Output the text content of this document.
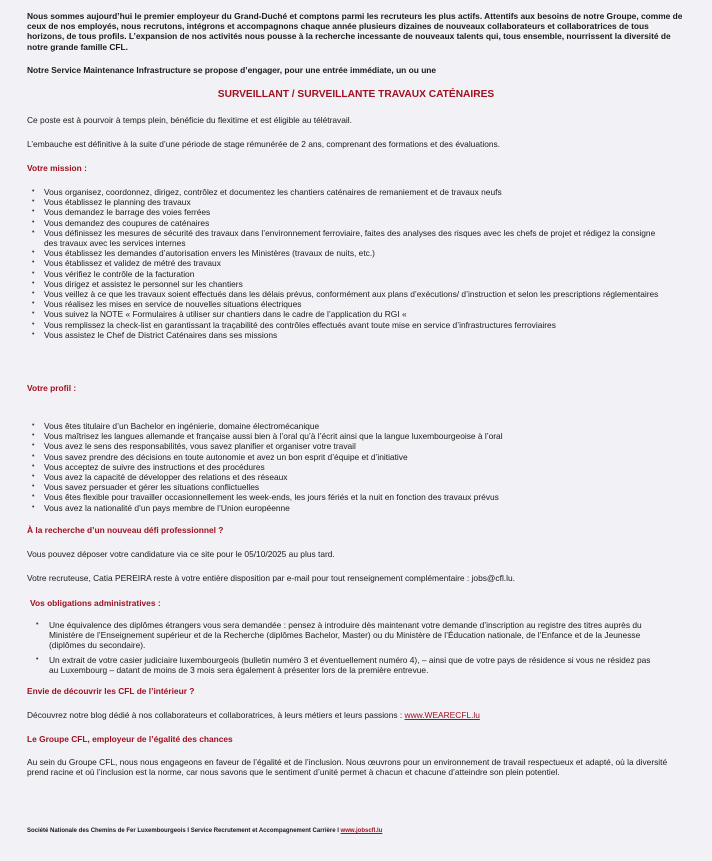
Nous sommes aujourd’hui le premier employeur du Grand-Duché et comptons parmi les recruteurs les plus actifs. Attentifs aux besoins de notre Groupe, comme de ceux de nos employés, nous recrutons, intégrons et accompagnons chaque année plusieurs dizaines de nouveaux collaborateurs et collaboratrices de tous horizons, de tous profils. L’expansion de nos activités nous pousse à la recherche incessante de nouveaux talents qui, tous ensemble, nourrissent la diversité de notre grande famille CFL.
Notre Service Maintenance Infrastructure se propose d’engager, pour une entrée immédiate, un ou une
SURVEILLANT / SURVEILLANTE TRAVAUX CATÉNAIRES
Ce poste est à pourvoir à temps plein, bénéficie du flexitime et est éligible au télétravail.
L’embauche est définitive à la suite d’une période de stage rémunérée de 2 ans, comprenant des formations et des évaluations.
Votre mission :
• Vous organisez, coordonnez, dirigez, contrôlez et documentez les chantiers caténaires de remaniement et de travaux neufs
• Vous établissez le planning des travaux
• Vous demandez le barrage des voies ferrées
• Vous demandez des coupures de caténaires
• Vous définissez les mesures de sécurité des travaux dans l’environnement ferroviaire, faites des analyses des risques avec les chefs de projet et rédigez la consigne des travaux avec les services internes
• Vous établissez les demandes d’autorisation envers les Ministères (travaux de nuits, etc.)
• Vous établissez et validez de métré des travaux
• Vous vérifiez le contrôle de la facturation
• Vous dirigez et assistez le personnel sur les chantiers
• Vous veillez à ce que les travaux soient effectués dans les délais prévus, conformément aux plans d’exécutions/ d’instruction et selon les prescriptions réglementaires
• Vous réalisez les mises en service de nouvelles situations électriques
• Vous suivez la NOTE « Formulaires à utiliser sur chantiers dans le cadre de l’application du RGI «
• Vous remplissez la check-list en garantissant la traçabilité des contrôles effectués avant toute mise en service d’infrastructures ferroviaires
• Vous assistez le Chef de District Caténaires dans ses missions
Votre profil :
• Vous êtes titulaire d’un Bachelor en ingénierie, domaine électromécanique
• Vous maîtrisez les langues allemande et française aussi bien à l’oral qu’à l’écrit ainsi que la langue luxembourgeoise à l’oral
• Vous avez le sens des responsabilités, vous savez planifier et organiser votre travail
• Vous savez prendre des décisions en toute autonomie et avez un bon esprit d’équipe et d’initiative
• Vous acceptez de suivre des instructions et des procédures
• Vous avez la capacité de développer des relations et des réseaux
• Vous savez persuader et gérer les situations conflictuelles
• Vous êtes flexible pour travailler occasionnellement les week-ends, les jours fériés et la nuit en fonction des travaux prévus
• Vous avez la nationalité d’un pays membre de l’Union européenne
À la recherche d’un nouveau défi professionnel ?
Vous pouvez déposer votre candidature via ce site pour le 05/10/2025 au plus tard.
Votre recruteuse, Catia PEREIRA reste à votre entière disposition par e-mail pour tout renseignement complémentaire : jobs@cfl.lu.
Vos obligations administratives :
• Une équivalence des diplômes étrangers vous sera demandée : pensez à introduire dès maintenant votre demande d’inscription au registre des titres auprès du Ministère de l’Enseignement supérieur et de la Recherche (diplômes Bachelor, Master) ou du Ministère de l’Éducation nationale, de l’Enfance et de la Jeunesse (diplômes du secondaire).
• Un extrait de votre casier judiciaire luxembourgeois (bulletin numéro 3 et éventuellement numéro 4), – ainsi que de votre pays de résidence si vous ne résidez pas au Luxembourg – datant de moins de 3 mois sera également à présenter lors de la première entrevue.
Envie de découvrir les CFL de l’intérieur ?
Découvrez notre blog dédié à nos collaborateurs et collaboratrices, à leurs métiers et leurs passions : www.WEARECFL.lu
Le Groupe CFL, employeur de l’égalité des chances
Au sein du Groupe CFL, nous nous engageons en faveur de l’égalité et de l’inclusion. Nous œuvrons pour un environnement de travail respectueux et adapté, où la diversité prend racine et où l’inclusion est la norme, car nous savons que le sentiment d’unité permet à chacun et chacune d’atteindre son plein potentiel.
Société Nationale des Chemins de Fer Luxembourgeois I Service Recrutement et Accompagnement Carrière I www.jobscfl.lu
